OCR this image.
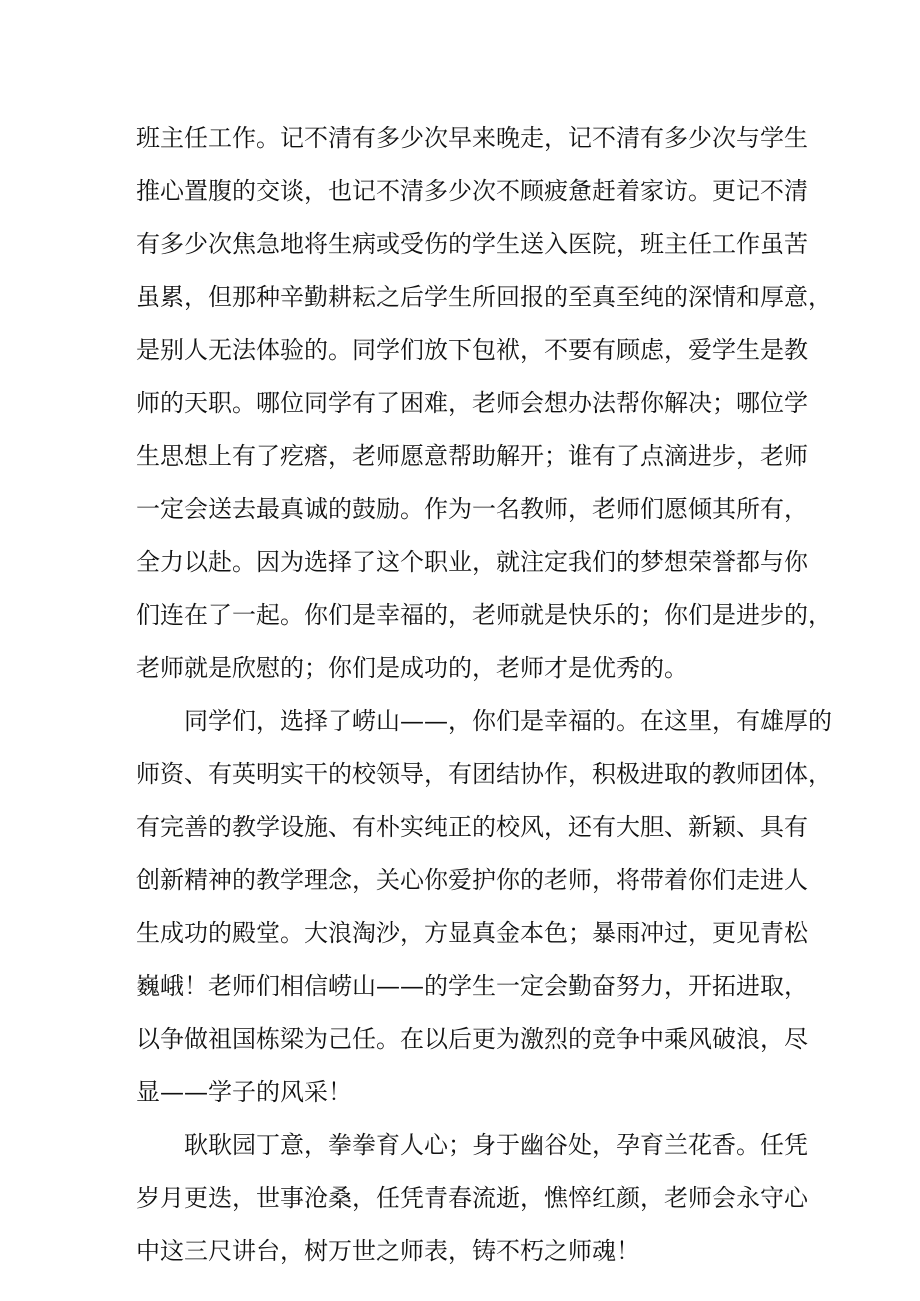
班主任工作。记不清有多少次早来晚走，记不清有多少次与学生
推心置腹的交谈，也记不清多少次不顾疲惫赶着家访。更记不清
有多少次焦急地将生病或受伤的学生送入医院，班主任工作虽苦
虽累，但那种辛勤耕耘之后学生所回报的至真至纯的深情和厚意，
是别人无法体验的。同学们放下包袱，不要有顾虑，爱学生是教
师的天职。哪位同学有了困难，老师会想办法帮你解决；哪位学
生思想上有了疙瘩，老师愿意帮助解开；谁有了点滴进步，老师
一定会送去最真诚的鼓励。作为一名教师，老师们愿倾其所有，
全力以赴。因为选择了这个职业，就注定我们的梦想荣誉都与你
们连在了一起。你们是幸福的，老师就是快乐的；你们是进步的，
老师就是欣慰的；你们是成功的，老师才是优秀的。
同学们，选择了崂山——，你们是幸福的。在这里，有雄厚的
师资、有英明实干的校领导，有团结协作，积极进取的教师团体，
有完善的教学设施、有朴实纯正的校风，还有大胆、新颖、具有
创新精神的教学理念，关心你爱护你的老师，将带着你们走进人
生成功的殿堂。大浪淘沙，方显真金本色；暴雨冲过，更见青松
巍峨！老师们相信崂山——的学生一定会勤奋努力，开拓进取，
以争做祖国栋梁为己任。在以后更为激烈的竞争中乘风破浪，尽
显——学子的风采！
耿耿园丁意，拳拳育人心；身于幽谷处，孕育兰花香。任凭
岁月更迭，世事沧桑，任凭青春流逝，憔悴红颜，老师会永守心
中这三尺讲台，树万世之师表，铸不朽之师魂！
